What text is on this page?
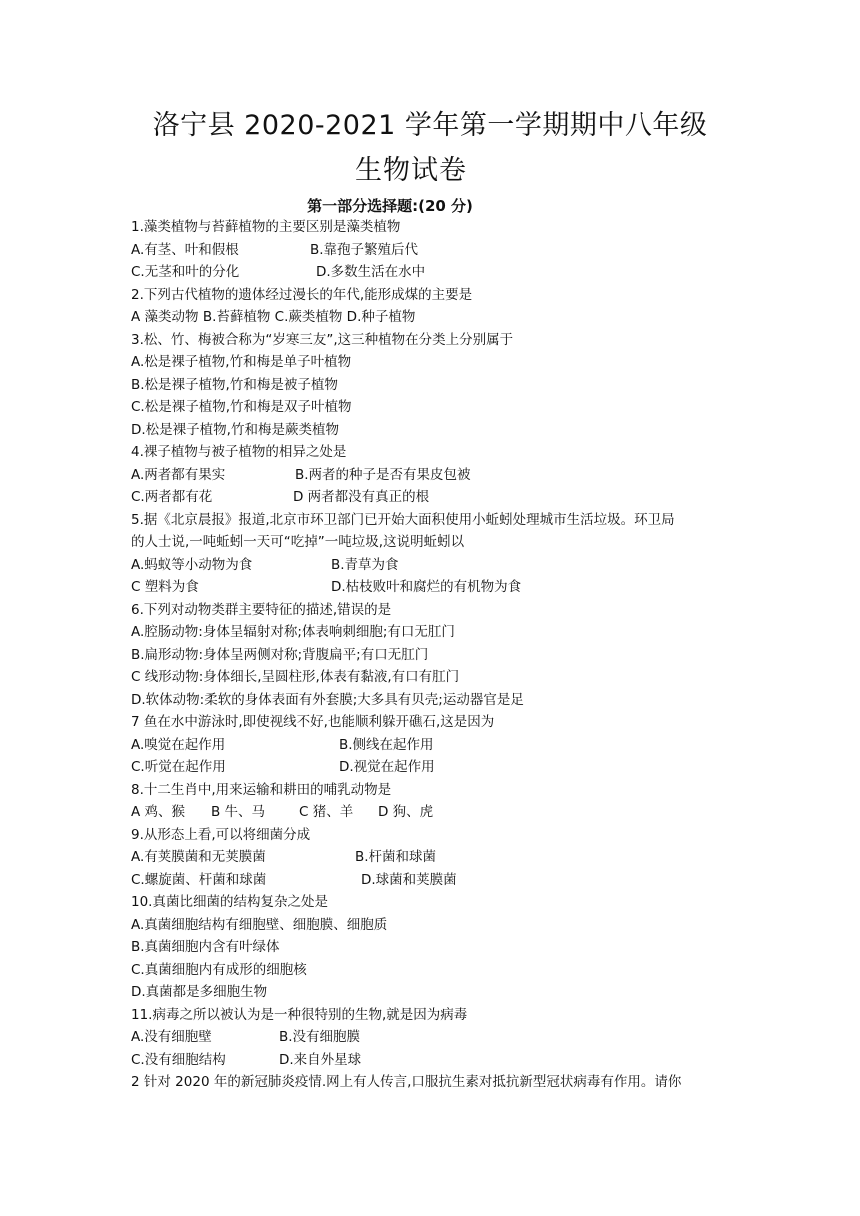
洛宁县 2020-2021 学年第一学期期中八年级
生物试卷
第一部分选择题:(20 分)
1.藻类植物与苔藓植物的主要区别是藻类植物
A.有茎、叶和假根	B.靠孢子繁殖后代
C.无茎和叶的分化	D.多数生活在水中
2.下列古代植物的遗体经过漫长的年代,能形成煤的主要是
A 藻类动物 B.苔藓植物 C.蕨类植物 D.种子植物
3.松、竹、梅被合称为“岁寒三友”,这三种植物在分类上分别属于
A.松是裸子植物,竹和梅是单子叶植物
B.松是裸子植物,竹和梅是被子植物
C.松是裸子植物,竹和梅是双子叶植物
D.松是裸子植物,竹和梅是蕨类植物
4.裸子植物与被子植物的相异之处是
A.两者都有果实	B.两者的种子是否有果皮包被
C.两者都有花	D 两者都没有真正的根
5.据《北京晨报》报道,北京市环卫部门已开始大面积使用小蚯蚓处理城市生活垃圾。环卫局
的人士说,一吨蚯蚓一天可“吃掉”一吨垃圾,这说明蚯蚓以
A.蚂蚁等小动物为食	B.青草为食
C 塑料为食	D.枯枝败叶和腐烂的有机物为食
6.下列对动物类群主要特征的描述,错误的是
A.腔肠动物:身体呈辐射对称;体表响刺细胞;有口无肛门
B.扁形动物:身体呈两侧对称;背腹扁平;有口无肛门
C 线形动物:身体细长,呈圆柱形,体表有黏液,有口有肛门
D.软体动物:柔软的身体表面有外套膜;大多具有贝壳;运动器官是足
7 鱼在水中游泳时,即使视线不好,也能顺利躲开礁石,这是因为
A.嗅觉在起作用	B.侧线在起作用
C.听觉在起作用	D.视觉在起作用
8.十二生肖中,用来运输和耕田的哺乳动物是
A 鸡、猴 B 牛、马	C 猪、羊 D 狗、虎
9.从形态上看,可以将细菌分成
A.有荚膜菌和无荚膜菌	B.杆菌和球菌
C.螺旋菌、杆菌和球菌	D.球菌和荚膜菌
10.真菌比细菌的结构复杂之处是
A.真菌细胞结构有细胞壁、细胞膜、细胞质
B.真菌细胞内含有叶绿体
C.真菌细胞内有成形的细胞核
D.真菌都是多细胞生物
11.病毒之所以被认为是一种很特别的生物,就是因为病毒
A.没有细胞壁	B.没有细胞膜
C.没有细胞结构	D.来自外星球
2 针对 2020 年的新冠肺炎疫情.网上有人传言,口服抗生素对抵抗新型冠状病毒有作用。请你
